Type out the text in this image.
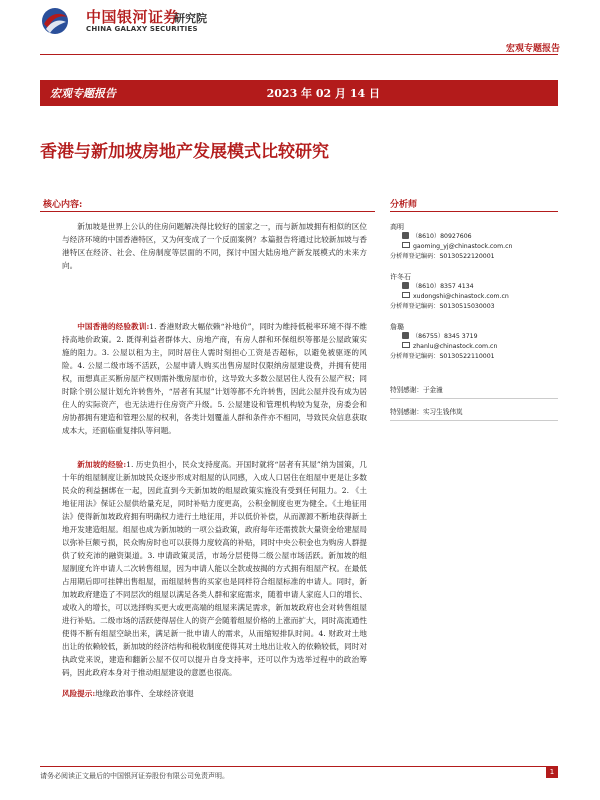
中国银河证券
CHINA GALAXY SECURITIES
研究院
宏观专题报告
宏观专题报告	2023 年 02 月 14 日
香港与新加坡房地产发展模式比较研究
核心内容:
新加坡是世界上公认的住房问题解决得比较好的国家之一，而与新加坡拥有相似的区位与经济环境的中国香港特区，又为何变成了一个反面案例？本篇报告将通过比较新加坡与香港特区在经济、社会、住房制度等层面的不同，探讨中国大陆房地产新发展模式的未来方向。
中国香港的经验教训:1. 香港财政大幅依赖“补地价”，同时为维持低税率环境不得不维持高地价政策。2. 既得利益者群体大、房地产商，有房人群和环保组织等都是公屋政策实施的阻力。3. 公屋以租为主，同时居住人需时刻担心工资是否超标，以避免被驱逐的风险。4. 公屋二级市场不活跃，公屋申请人购买出售房屋时仅限纳房屋建设费，并拥有使用权，而想真正买断房屋产权则需补缴房屋市价，这导致大多数公屋居住人没有公屋产权；同时除个别公屋计划允许转售外，“居者有其屋”计划等都不允许转售，因此公屋并没有成为居住人的实际资产，也无法进行住房资产升级。5. 公屋建设和管理机构较为复杂，房委会和房协都拥有建造和管理公屋的权利，各类计划覆盖人群和条件亦不相同，导致民众信息获取成本大，还面临重复排队等问题。
新加坡的经验:1. 历史负担小，民众支持度高。开国时就将“居者有其屋”纳为国策，几十年的组屋制度让新加坡民众逐步形成对组屋的认同感，入成人口居住在组屋中更是让多数民众的利益捆绑在一起，因此直到今天新加坡的组屋政策实施没有受到任何阻力。2. 《土地征用法》保证公屋供给量充足，同时补贴力度更高，公积金制度也更为健全。《土地征用法》使得新加坡政府拥有明确权力进行土地征用，并以低价补偿，从而源源不断地获得新土地开发建造组屋。组屋也成为新加坡的一项公益政策，政府每年还需拨款大量资金给建屋局以弥补巨额亏损，民众购房时也可以获得力度较高的补贴，同时中央公积金也为购房人群提供了较充沛的融资渠道。3. 申请政策灵活，市场分层使得二级公屋市场活跃。新加坡的组屋制度允许申请人二次转售组屋，因为申请人能以全款或按揭的方式拥有组屋产权。在最低占用期后即可挂牌出售组屋，而组屋转售的买家也是同样符合组屋标准的申请人。同时，新加坡政府建造了不同层次的组屋以满足各类人群和家庭需求，随着申请人家庭人口的增长、或收入的增长，可以选择购买更大或更高端的组屋来满足需求，新加坡政府也会对转售组屋进行补贴。二级市场的活跃使得居住人的资产会随着组屋价格的上涨而扩大，同时高流通性使得不断有组屋空缺出来，满足新一批申请人的需求，从而缩短排队时间。4. 财政对土地出让的依赖较低，新加坡的经济结构和税收制度使得其对土地出让收入的依赖较低，同时对执政党来说，建造和翻新公屋不仅可以提升自身支持率，还可以作为选举过程中的政治筹码，因此政府本身对于推动组屋建设的意愿也很高。
风险提示:地缘政治事件、全球经济衰退
分析师
高明
（8610）80927606
gaoming_yj@chinastock.com.cn
分析师登记编码：S0130522120001
许冬石
（8610）8357 4134
xudongshi@chinastock.com.cn
分析师登记编码：S0130515030003
詹璐
（86755）8345 3719
zhanlu@chinastock.com.cn
分析师登记编码：S0130522110001
特别感谢：于金潼
特别感谢：实习生钱伟岚
请务必阅读正文最后的中国银河证券股份有限公司免责声明。	1
